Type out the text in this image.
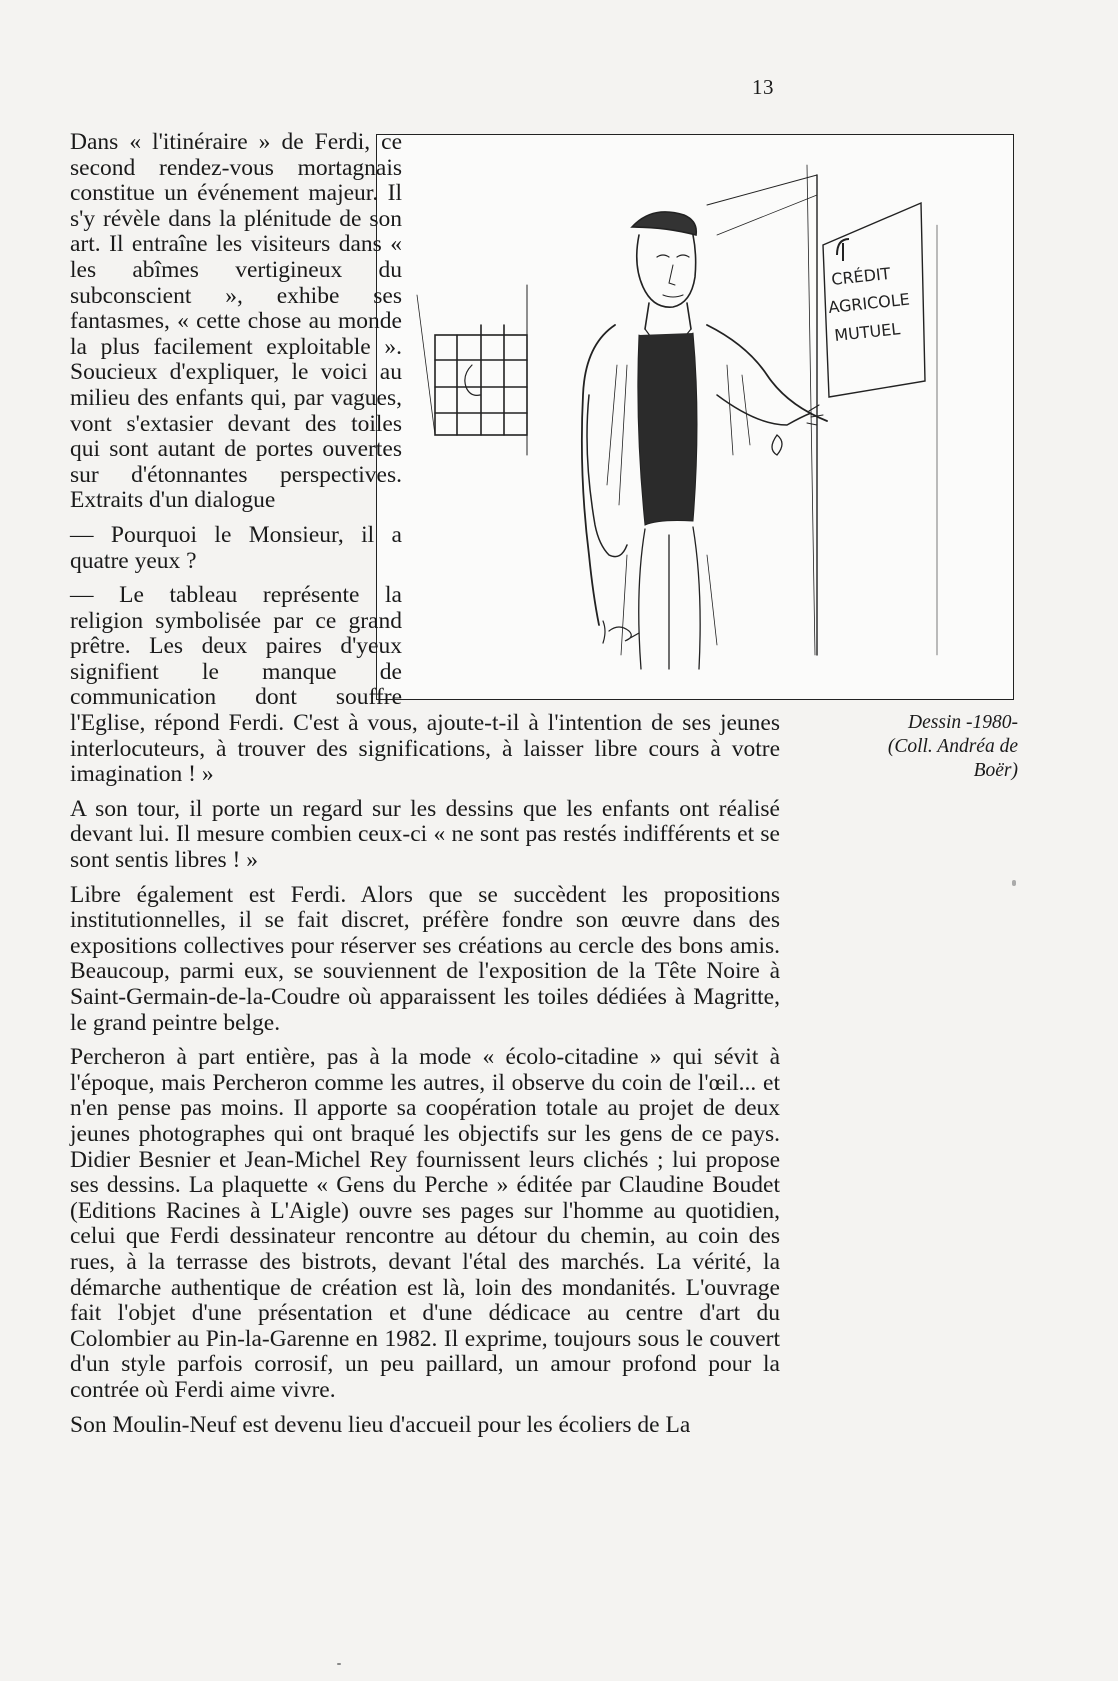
13
CRÉDIT
AGRICOLE
MUTUEL
Dessin -1980-
(Coll. Andréa de
Boër)

Dans « l'itinéraire » de Ferdi, ce second rendez-vous mortagnais constitue un événement majeur. Il s'y révèle dans la plénitude de son art. Il entraîne les visiteurs dans « les abîmes vertigineux du subconscient », exhibe ses fantasmes, « cette chose au monde la plus facilement exploitable ». Soucieux d'expliquer, le voici au milieu des enfants qui, par vagues, vont s'extasier devant des toiles qui sont autant de portes ouvertes sur d'étonnantes perspectives. Extraits d'un dialogue

— Pourquoi le Monsieur, il a quatre yeux ?

— Le tableau représente la religion symbolisée par ce grand prêtre. Les deux paires d'yeux signifient le manque de communication dont souffre l'Eglise, répond Ferdi. C'est à vous, ajoute-t-il à l'intention de ses jeunes interlocuteurs, à trouver des significations, à laisser libre cours à votre imagination ! »

A son tour, il porte un regard sur les dessins que les enfants ont réalisé devant lui. Il mesure combien ceux-ci « ne sont pas restés indifférents et se sont sentis libres ! »

Libre également est Ferdi. Alors que se succèdent les propositions institutionnelles, il se fait discret, préfère fondre son œuvre dans des expositions collectives pour réserver ses créations au cercle des bons amis. Beaucoup, parmi eux, se souviennent de l'exposition de la Tête Noire à Saint-Germain-de-la-Coudre où apparaissent les toiles dédiées à Magritte, le grand peintre belge.

Percheron à part entière, pas à la mode « écolo-citadine » qui sévit à l'époque, mais Percheron comme les autres, il observe du coin de l'œil... et n'en pense pas moins. Il apporte sa coopération totale au projet de deux jeunes photographes qui ont braqué les objectifs sur les gens de ce pays. Didier Besnier et Jean-Michel Rey fournissent leurs clichés ; lui propose ses dessins. La plaquette « Gens du Perche » éditée par Claudine Boudet (Editions Racines à L'Aigle) ouvre ses pages sur l'homme au quotidien, celui que Ferdi dessinateur rencontre au détour du chemin, au coin des rues, à la terrasse des bistrots, devant l'étal des marchés. La vérité, la démarche authentique de création est là, loin des mondanités. L'ouvrage fait l'objet d'une présentation et d'une dédicace au centre d'art du Colombier au Pin-la-Garenne en 1982. Il exprime, toujours sous le couvert d'un style parfois corrosif, un peu paillard, un amour profond pour la contrée où Ferdi aime vivre.

Son Moulin-Neuf est devenu lieu d'accueil pour les écoliers de La
